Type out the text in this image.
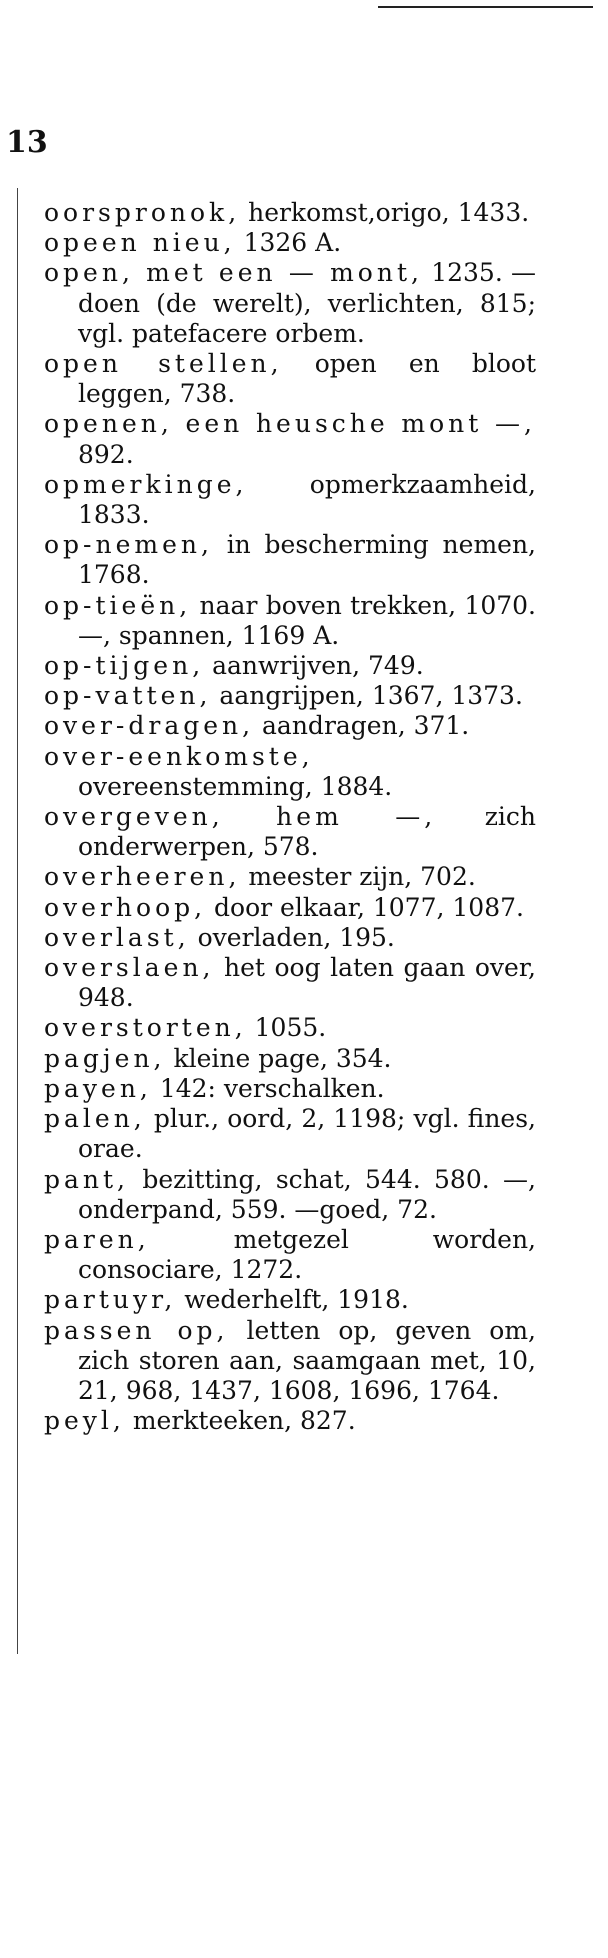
13
oorspronok, herkomst,origo, 1433.
opeen nieu, 1326 A.
open, met een — mont, 1235. —doen (de werelt), verlichten, 815; vgl. patefacere orbem.
open stellen, open en bloot leggen, 738.
openen, een heusche mont —, 892.
opmerkinge, opmerkzaamheid, 1833.
op-nemen, in bescherming nemen, 1768.
op-tieën, naar boven trekken, 1070. —, spannen, 1169 A.
op-tijgen, aanwrijven, 749.
op-vatten, aangrijpen, 1367, 1373.
over-dragen, aandragen, 371.
over-eenkomste, overeenstemming, 1884.
overgeven, hem —, zich onderwerpen, 578.
overheeren, meester zijn, 702.
overhoop, door elkaar, 1077, 1087.
overlast, overladen, 195.
overslaen, het oog laten gaan over, 948.
overstorten, 1055.
pagjen, kleine page, 354.
payen, 142: verschalken.
palen, plur., oord, 2, 1198; vgl. fines, orae.
pant, bezitting, schat, 544. 580. —, onderpand, 559. —goed, 72.
paren, metgezel worden, consociare, 1272.
partuyr, wederhelft, 1918.
passen op, letten op, geven om, zich storen aan, saamgaan met, 10, 21, 968, 1437, 1608, 1696, 1764.
peyl, merkteeken, 827.
